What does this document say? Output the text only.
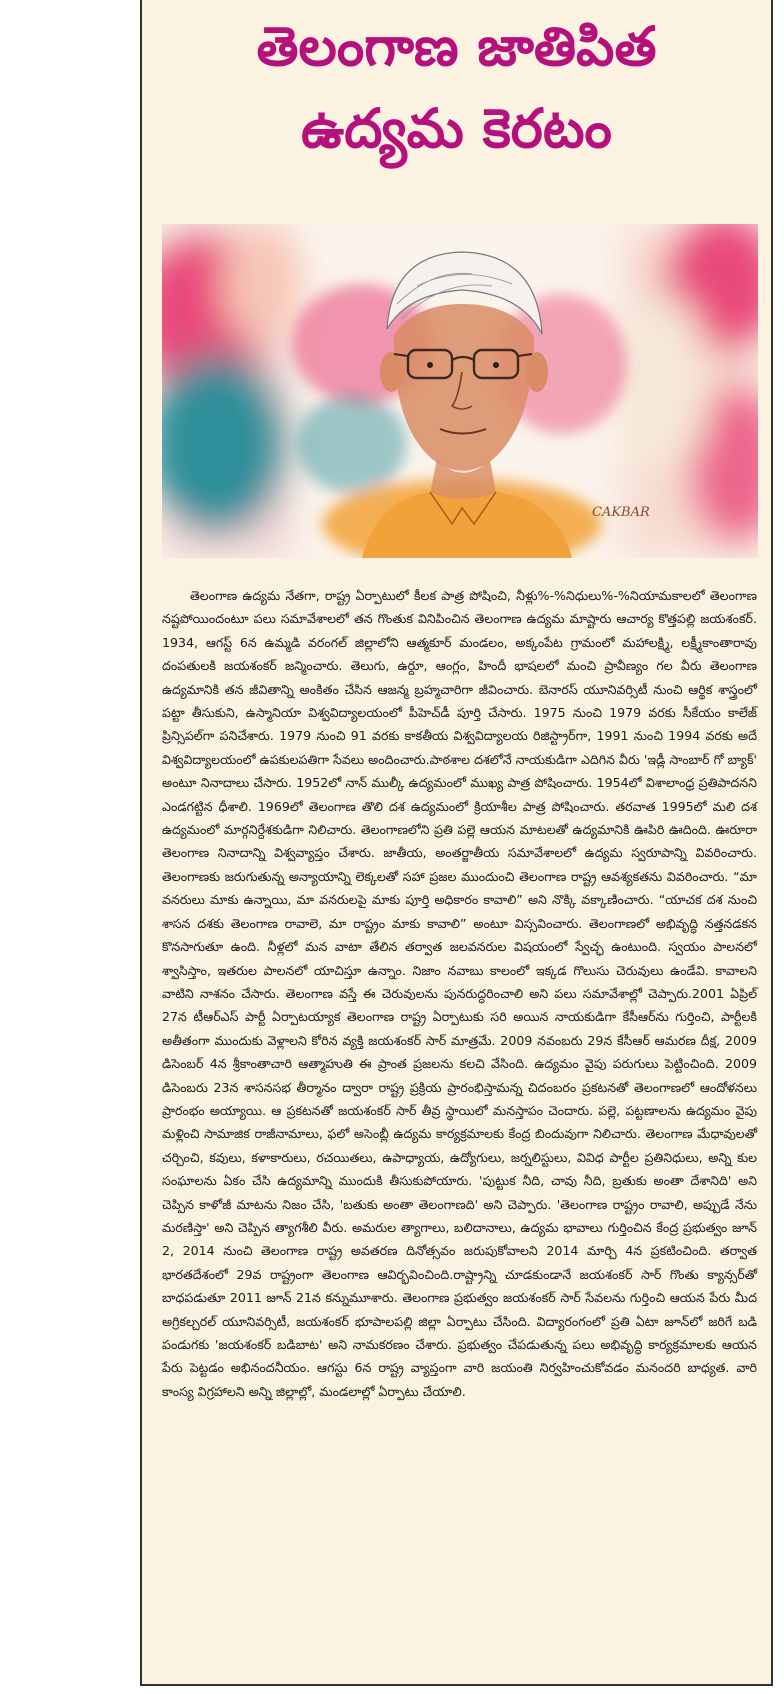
తెలంగాణ జాతిపిత
ఉద్యమ కెరటం
CAKBAR
తెలంగాణ ఉద్యమ నేతగా, రాష్ట్ర ఏర్పాటులో కీలక పాత్ర పోషించి, నీళ్లు%-%నిధులు%-%నియామకాలలో తెలంగాణ నష్టపోయిందంటూ పలు సమావేశాలలో తన గొంతుక వినిపించిన తెలంగాణ ఉద్యమ మాష్టారు ఆచార్య కొత్తపల్లి జయశంకర్. 1934, ఆగస్ట్ 6న ఉమ్మడి వరంగల్ జిల్లాలోని ఆత్మకూర్ మండలం, అక్కంపేట గ్రామంలో మహాలక్ష్మి, లక్ష్మీకాంతారావు దంపతులకి జయశంకర్ జన్మించారు. తెలుగు, ఉర్దూ, ఆంగ్లం, హిందీ భాషలలో మంచి ప్రావీణ్యం గల వీరు తెలంగాణ ఉద్యమానికి తన జీవితాన్ని అంకితం చేసిన ఆజన్మ బ్రహ్మచారిగా జీవించారు. బెనారస్ యూనివర్సిటీ నుంచి ఆర్థిక శాస్త్రంలో పట్టా తీసుకుని, ఉస్మానియా విశ్వవిద్యాలయంలో పీహెచ్‌డీ పూర్తి చేసారు. 1975 నుంచి 1979 వరకు సీకేయం కాలేజ్ ప్రిన్సిపల్‌గా పనిచేశారు. 1979 నుంచి 91 వరకు కాకతీయ విశ్వవిద్యాలయ రిజిస్ట్రార్‌గా, 1991 నుంచి 1994 వరకు అదే విశ్వవిద్యాలయంలో ఉపకులపతిగా సేవలు అందించారు.పాఠశాల దశలోనే నాయకుడిగా ఎదిగిన వీరు 'ఇడ్లీ సాంబార్ గో బ్యాక్' అంటూ నినాదాలు చేసారు. 1952లో నాన్ ముల్కీ ఉద్యమంలో ముఖ్య పాత్ర పోషించారు. 1954లో విశాలాంధ్ర ప్రతిపాదనని ఎండగట్టిన ధీశాలి. 1969లో తెలంగాణ తొలి దశ ఉద్యమంలో క్రియాశీల పాత్ర పోషించారు. తరవాత 1995లో మలి దశ ఉద్యమంలో మార్గనిర్దేశకుడిగా నిలిచారు. తెలంగాణలోని ప్రతి పల్లె ఆయన మాటలతో ఉద్యమానికి ఊపిరి ఊదింది. ఊరూరా తెలంగాణ నినాదాన్ని విశ్వవ్యాప్తం చేశారు. జాతీయ, అంతర్జాతీయ సమావేశాలలో ఉద్యమ స్వరూపాన్ని వివరించారు. తెలంగాణకు జరుగుతున్న అన్యాయాన్ని లెక్కలతో సహా ప్రజల ముందుంచి తెలంగాణ రాష్ట్ర ఆవశ్యకతను వివరించారు. “మా వనరులు మాకు ఉన్నాయి, మా వనరులపై మాకు పూర్తి అధికారం కావాలి” అని నొక్కి వక్కాణించారు. “యాచక దశ నుంచి శాసన దశకు తెలంగాణ రావాలె, మా రాష్ట్రం మాకు కావాలి” అంటూ విస్సవించారు. తెలంగాణలో అభివృద్ధి నత్తనడకన కొనసాగుతూ ఉంది. నీళ్లలో మన వాటా తేలిన తర్వాత జలవనరుల విషయంలో స్వేచ్ఛ ఉంటుంది. స్వయం పాలనలో శ్వాసిస్తాం, ఇతరుల పాలనలో యాచిస్తూ ఉన్నాం. నిజాం నవాబు కాలంలో ఇక్కడ గొలుసు చెరువులు ఉండేవి. కావాలని వాటిని నాశనం చేసారు. తెలంగాణ వస్తే ఈ చెరువులను పునరుద్ధరించాలి అని పలు సమావేశాల్లో చెప్పారు.2001 ఏప్రిల్ 27న టీఆర్ఎస్ పార్టీ ఏర్పాటయ్యాక తెలంగాణ రాష్ట్ర ఏర్పాటుకు సరి అయిన నాయకుడిగా కేసీఆర్‌ను గుర్తించి, పార్టీలకి అతీతంగా ముందుకు వెళ్లాలని కోరిన వ్యక్తి జయశంకర్ సార్ మాత్రమే. 2009 నవంబరు 29న కేసీఆర్ ఆమరణ దీక్ష, 2009 డిసెంబర్ 4న శ్రీకాంతాచారి ఆత్మాహుతి ఈ ప్రాంత ప్రజలను కలచి వేసింది. ఉద్యమం వైపు పరుగులు పెట్టించింది. 2009 డిసెంబరు 23న శాసనసభ తీర్మానం ద్వారా రాష్ట్ర ప్రక్రియ ప్రారంభిస్తామన్న చిదంబరం ప్రకటనతో తెలంగాణలో ఆందోళనలు ప్రారంభం అయ్యాయి. ఆ ప్రకటనతో జయశంకర్ సార్ తీవ్ర స్థాయిలో మనస్తాపం చెందారు. పల్లె, పట్టణాలను ఉద్యమం వైపు మళ్లించి సామాజిక రాజీనామాలు, ఫలో అసెంబ్లీ ఉద్యమ కార్యక్రమాలకు కేంద్ర బిందువుగా నిలిచారు. తెలంగాణ మేధావులతో చర్చించి, కవులు, కళాకారులు, రచయితలు, ఉపాధ్యాయ, ఉద్యోగులు, జర్నలిస్టులు, వివిధ పార్టీల ప్రతినిధులు, అన్ని కుల సంఘాలను ఏకం చేసి ఉద్యమాన్ని ముందుకి తీసుకుపోయారు. 'పుట్టుక నీది, చావు నీది, బ్రతుకు అంతా దేశానిది' అని చెప్పిన కాళోజీ మాటను నిజం చేసి, 'బతుకు అంతా తెలంగాణది' అని చెప్పారు. 'తెలంగాణ రాష్ట్రం రావాలి, అప్పుడే నేను మరణిస్తా' అని చెప్పిన త్యాగశీలి వీరు. అమరుల త్యాగాలు, బలిదానాలు, ఉద్యమ భావాలు గుర్తించిన కేంద్ర ప్రభుత్వం జూన్ 2, 2014 నుంచి తెలంగాణ రాష్ట్ర అవతరణ దినోత్సవం జరుపుకోవాలని 2014 మార్చి 4న ప్రకటించింది. తర్వాత భారతదేశంలో 29వ రాష్ట్రంగా తెలంగాణ ఆవిర్భవించింది.రాష్ట్రాన్ని చూడకుండానే జయశంకర్ సార్ గొంతు క్యాన్సర్‌తో బాధపడుతూ 2011 జూన్ 21న కన్నుమూశారు. తెలంగాణ ప్రభుత్వం జయశంకర్ సార్ సేవలను గుర్తించి ఆయన పేరు మీద అగ్రికల్చరల్ యూనివర్సిటీ, జయశంకర్ భూపాలపల్లి జిల్లా ఏర్పాటు చేసింది. విద్యారంగంలో ప్రతి ఏటా జూన్‌లో జరిగే బడి పండుగకు 'జయశంకర్ బడిబాట' అని నామకరణం చేశారు. ప్రభుత్వం చేపడుతున్న పలు అభివృద్ధి కార్యక్రమాలకు ఆయన పేరు పెట్టడం అభినందనీయం. ఆగస్టు 6న రాష్ట్ర వ్యాప్తంగా వారి జయంతి నిర్వహించుకోవడం మనందరి బాధ్యత. వారి కాంస్య విగ్రహాలని అన్ని జిల్లాల్లో, మండలాల్లో ఏర్పాటు చేయాలి.
